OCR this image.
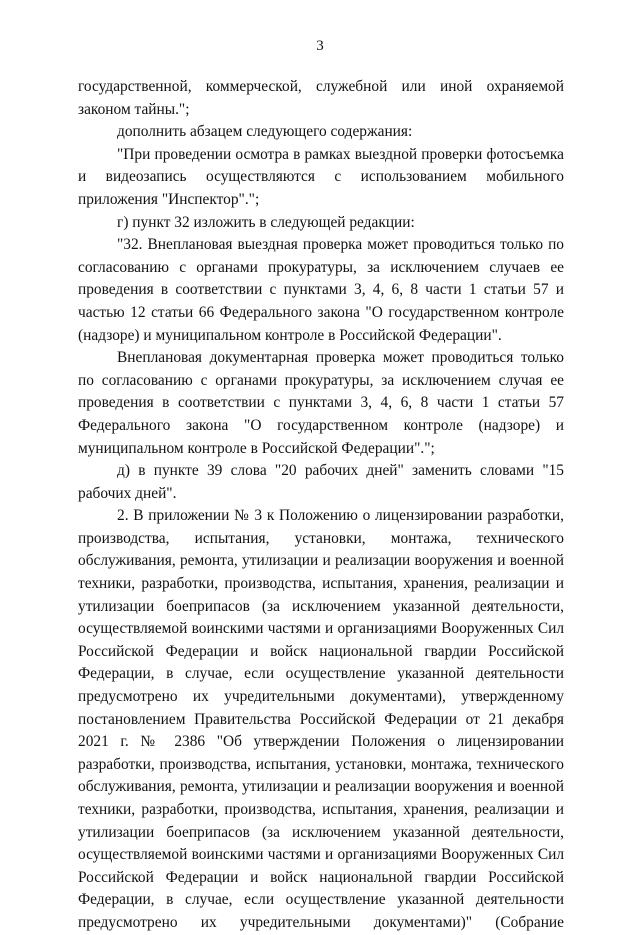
3

государственной, коммерческой, служебной или иной охраняемой законом тайны.";

дополнить абзацем следующего содержания:

"При проведении осмотра в рамках выездной проверки фотосъемка и видеозапись осуществляются с использованием мобильного приложения "Инспектор".";

г) пункт 32 изложить в следующей редакции:

"32. Внеплановая выездная проверка может проводиться только по согласованию с органами прокуратуры, за исключением случаев ее проведения в соответствии с пунктами 3, 4, 6, 8 части 1 статьи 57 и частью 12 статьи 66 Федерального закона "О государственном контроле (надзоре) и муниципальном контроле в Российской Федерации".

Внеплановая документарная проверка может проводиться только по согласованию с органами прокуратуры, за исключением случая ее проведения в соответствии с пунктами 3, 4, 6, 8 части 1 статьи 57 Федерального закона "О государственном контроле (надзоре) и муниципальном контроле в Российской Федерации".";

д) в пункте 39 слова "20 рабочих дней" заменить словами "15 рабочих дней".

2. В приложении № 3 к Положению о лицензировании разработки, производства, испытания, установки, монтажа, технического обслуживания, ремонта, утилизации и реализации вооружения и военной техники, разработки, производства, испытания, хранения, реализации и утилизации боеприпасов (за исключением указанной деятельности, осуществляемой воинскими частями и организациями Вооруженных Сил Российской Федерации и войск национальной гвардии Российской Федерации, в случае, если осуществление указанной деятельности предусмотрено их учредительными документами), утвержденному постановлением Правительства Российской Федерации от 21 декабря 2021 г. № 2386 "Об утверждении Положения о лицензировании разработки, производства, испытания, установки, монтажа, технического обслуживания, ремонта, утилизации и реализации вооружения и военной техники, разработки, производства, испытания, хранения, реализации и утилизации боеприпасов (за исключением указанной деятельности, осуществляемой воинскими частями и организациями Вооруженных Сил Российской Федерации и войск национальной гвардии Российской Федерации, в случае, если осуществление указанной деятельности предусмотрено их учредительными документами)" (Собрание
